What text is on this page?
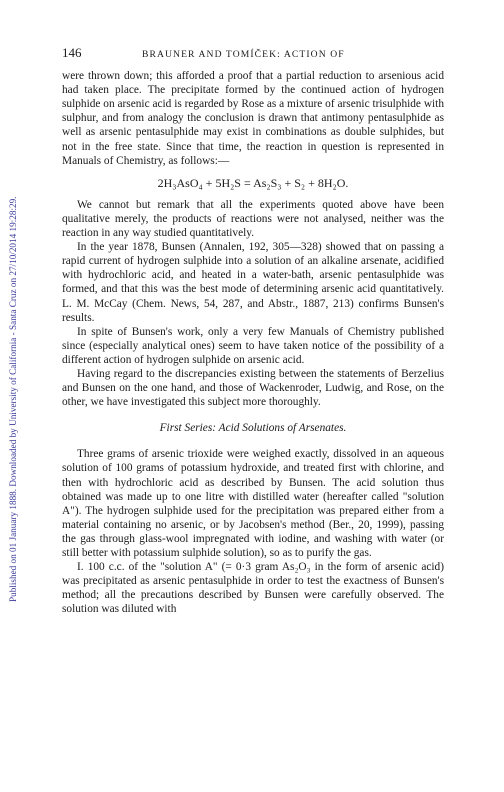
Published on 01 January 1888. Downloaded by University of California - Santa Cruz on 27/10/2014 19:28:29.
146	BRAUNER AND TOMÍČEK: ACTION OF

were thrown down; this afforded a proof that a partial reduction to arsenious acid had taken place. The precipitate formed by the continued action of hydrogen sulphide on arsenic acid is regarded by Rose as a mixture of arsenic trisulphide with sulphur, and from analogy the conclusion is drawn that antimony pentasulphide as well as arsenic pentasulphide may exist in combinations as double sulphides, but not in the free state. Since that time, the reaction in question is represented in Manuals of Chemistry, as follows:—

2H₃AsO₄ + 5H₂S = As₂S₃ + S₂ + 8H₂O.

We cannot but remark that all the experiments quoted above have been qualitative merely, the products of reactions were not analysed, neither was the reaction in any way studied quantitatively.

In the year 1878, Bunsen (Annalen, 192, 305—328) showed that on passing a rapid current of hydrogen sulphide into a solution of an alkaline arsenate, acidified with hydrochloric acid, and heated in a water-bath, arsenic pentasulphide was formed, and that this was the best mode of determining arsenic acid quantitatively. L. M. McCay (Chem. News, 54, 287, and Abstr., 1887, 213) confirms Bunsen's results.

In spite of Bunsen's work, only a very few Manuals of Chemistry published since (especially analytical ones) seem to have taken notice of the possibility of a different action of hydrogen sulphide on arsenic acid.

Having regard to the discrepancies existing between the statements of Berzelius and Bunsen on the one hand, and those of Wackenroder, Ludwig, and Rose, on the other, we have investigated this subject more thoroughly.

First Series: Acid Solutions of Arsenates.

Three grams of arsenic trioxide were weighed exactly, dissolved in an aqueous solution of 100 grams of potassium hydroxide, and treated first with chlorine, and then with hydrochloric acid as described by Bunsen. The acid solution thus obtained was made up to one litre with distilled water (hereafter called "solution A"). The hydrogen sulphide used for the precipitation was prepared either from a material containing no arsenic, or by Jacobsen's method (Ber., 20, 1999), passing the gas through glass-wool impregnated with iodine, and washing with water (or still better with potassium sulphide solution), so as to purify the gas.

I. 100 c.c. of the "solution A" (= 0·3 gram As₂O₃ in the form of arsenic acid) was precipitated as arsenic pentasulphide in order to test the exactness of Bunsen's method; all the precautions described by Bunsen were carefully observed. The solution was diluted with
